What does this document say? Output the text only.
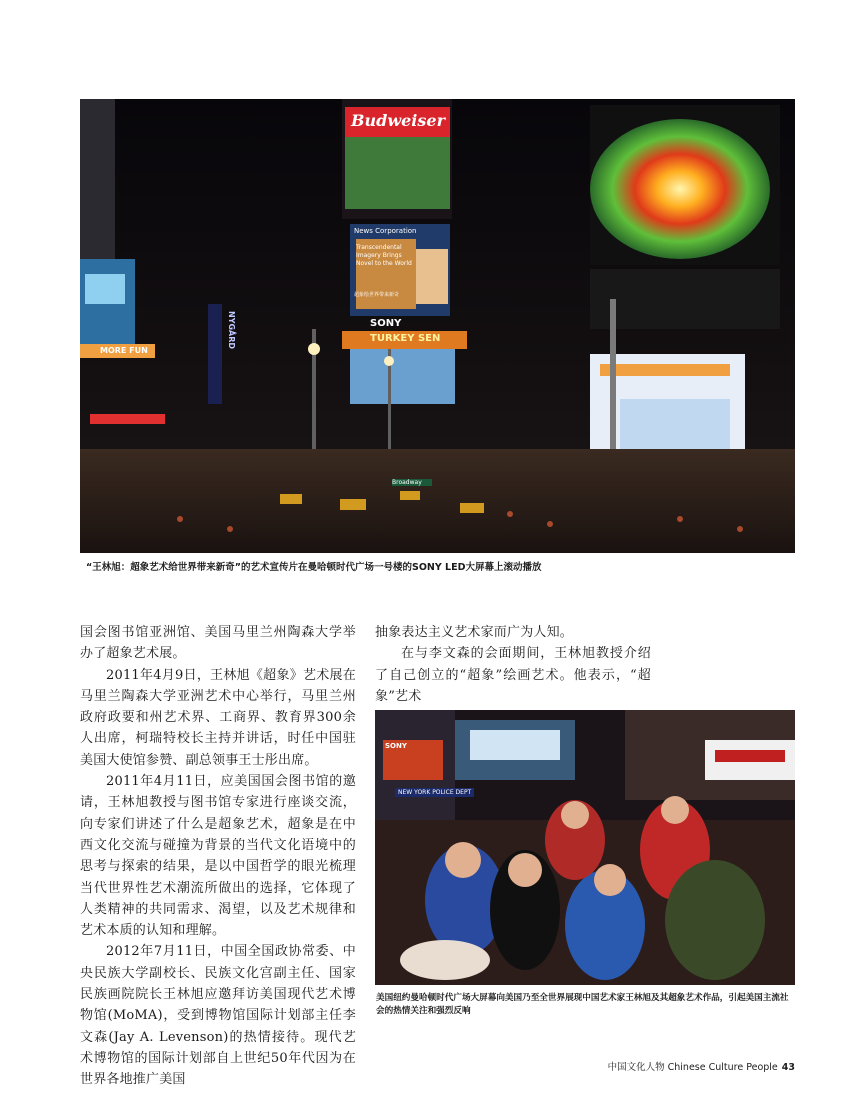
Budweiser
News Corporation
Transcendental Imagery Brings Novel to the World
超象绘世界带来新奇
SONY
TURKEY SEN
NYGÅRD
MORE FUN
Broadway
“王林旭：超象艺术给世界带来新奇”的艺术宣传片在曼哈顿时代广场一号楼的SONY LED大屏幕上滚动播放

国会图书馆亚洲馆、美国马里兰州陶森大学举办了超象艺术展。

2011年4月9日，王林旭《超象》艺术展在马里兰陶森大学亚洲艺术中心举行，马里兰州政府政要和州艺术界、工商界、教育界300余人出席，柯瑞特校长主持并讲话，时任中国驻美国大使馆参赞、副总领事王士彤出席。

2011年4月11日，应美国国会图书馆的邀请，王林旭教授与图书馆专家进行座谈交流，向专家们讲述了什么是超象艺术，超象是在中西文化交流与碰撞为背景的当代文化语境中的思考与探索的结果，是以中国哲学的眼光梳理当代世界性艺术潮流所做出的选择，它体现了人类精神的共同需求、渴望，以及艺术规律和艺术本质的认知和理解。

2012年7月11日，中国全国政协常委、中央民族大学副校长、民族文化宫副主任、国家民族画院院长王林旭应邀拜访美国现代艺术博物馆(MoMA)，受到博物馆国际计划部主任李文森(Jay A. Levenson)的热情接待。现代艺术博物馆的国际计划部自上世纪50年代因为在世界各地推广美国

抽象表达主义艺术家而广为人知。

在与李文森的会面期间，王林旭教授介绍了自己创立的“超象”绘画艺术。他表示，“超象”艺术

SONY
NEW YORK POLICE DEPT
美国纽约曼哈顿时代广场大屏幕向美国乃至全世界展现中国艺术家王林旭及其超象艺术作品，引起美国主流社会的热情关注和强烈反响
中国文化人物 Chinese Culture People 43
